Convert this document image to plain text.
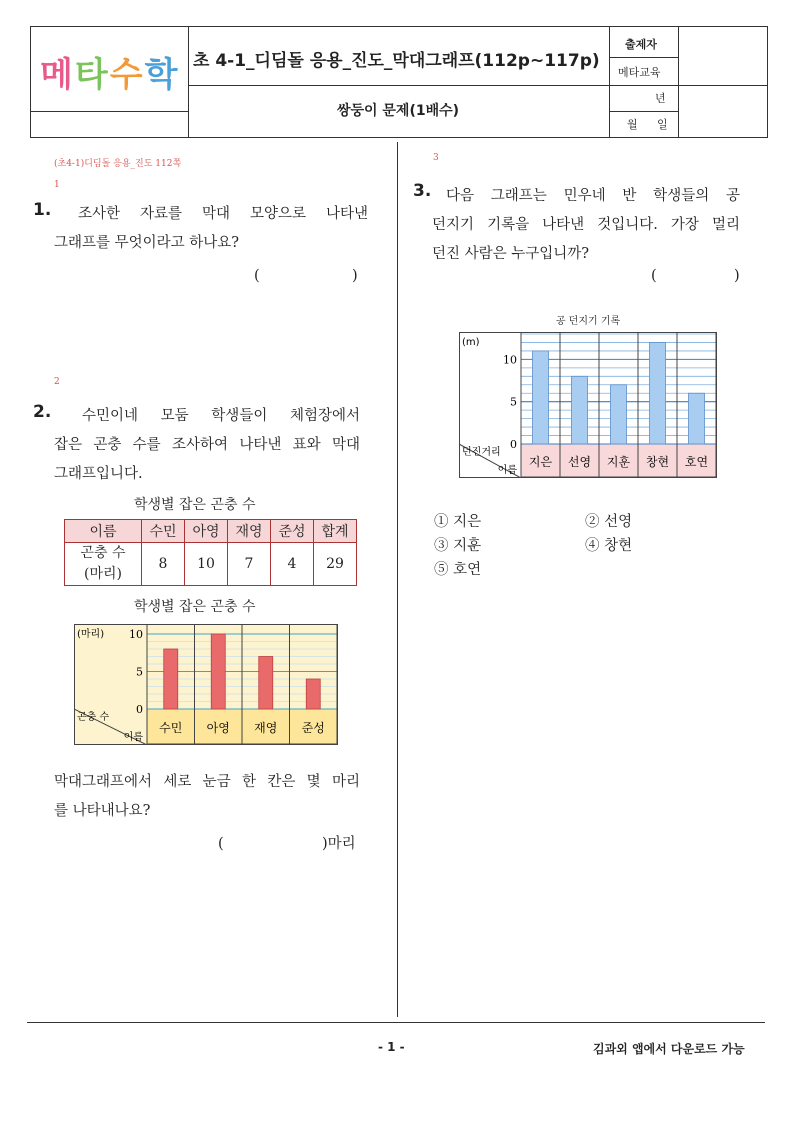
메타수학 초 4-1_디딤돌 응용_진도_막대그래프(112p~117p)
쌍둥이 문제(1배수)
출제자
메타교육
년
월 일
(초4-1)디딤돌 응용_진도 112쪽
1
1. 조사한 자료를 막대 모양으로 나타낸
그래프를 무엇이라고 하나요?
(	)
2
2. 수민이네 모둠 학생들이 체험장에서
잡은 곤충 수를 조사하여 나타낸 표와 막대
그래프입니다.
학생별 잡은 곤충 수
이름	수민	아영	재영	준성	합계
곤충 수
(마리)	8	10	7	4	29
학생별 잡은 곤충 수
0
5
10
(마리)
수민 아영 재영 준성
곤충 수
이름
막대그래프에서 세로 눈금 한 칸은 몇 마리
를 나타내나요?
(	)마리
3
3. 다음 그래프는 민우네 반 학생들의 공
던지기 기록을 나타낸 것입니다. 가장 멀리
던진 사람은 누구입니까?
(	)
공 던지기 기록
0
5
10
(m)
지은 선영 지훈 창현 호연
던진거리
이름
① 지은	② 선영
③ 지훈	④ 창현
⑤ 호연
- 1 -	김과외 앱에서 다운로드 가능
